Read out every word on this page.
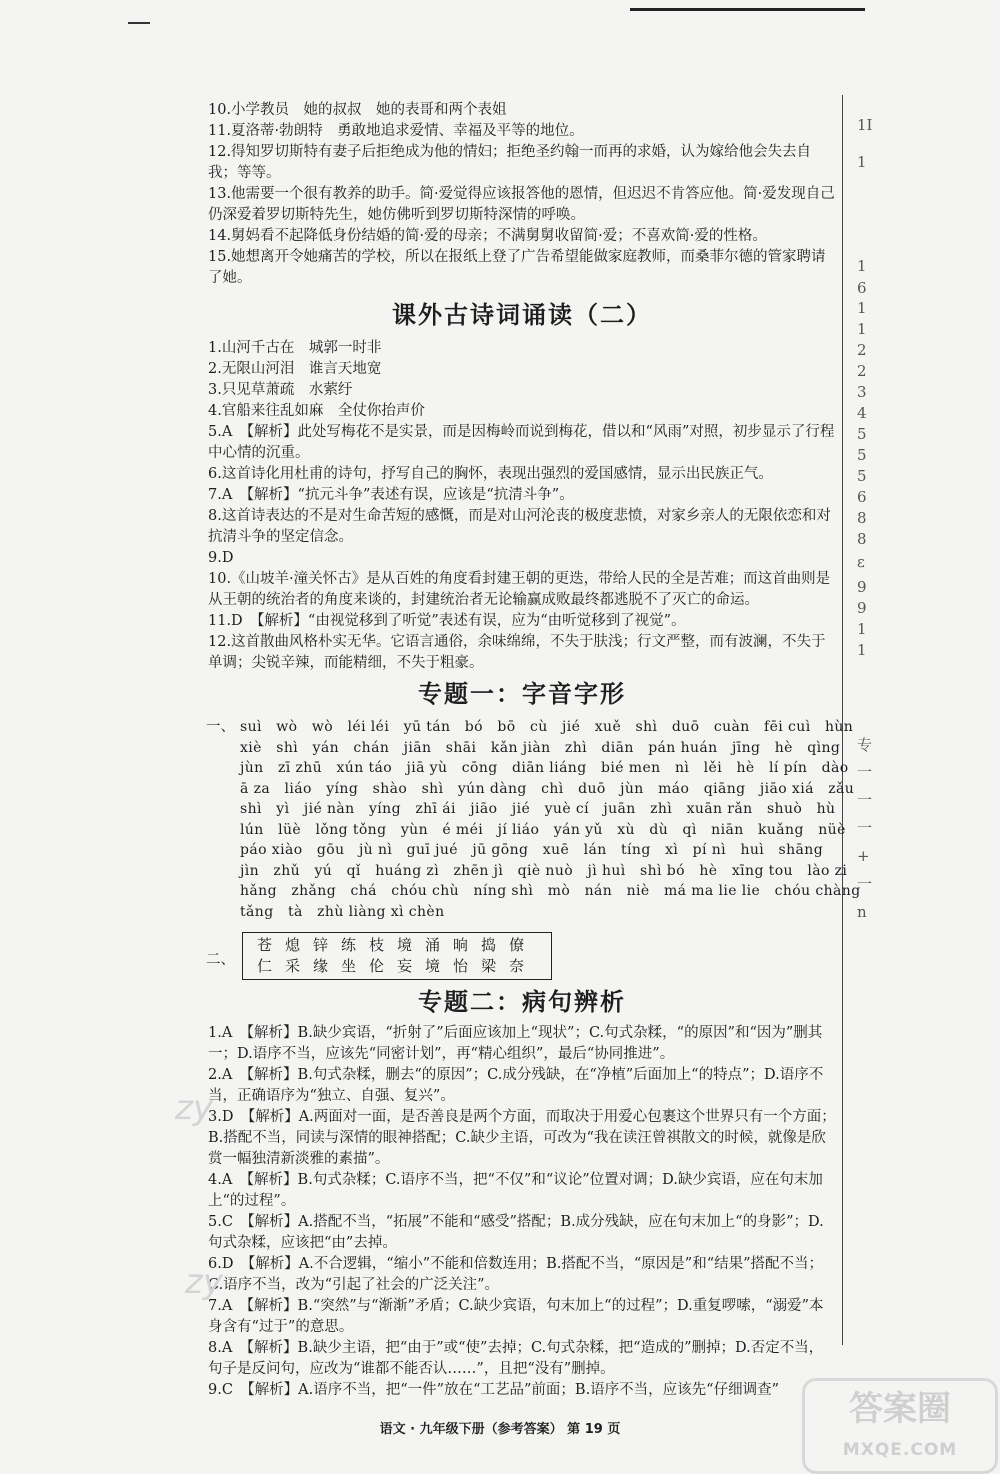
1I
1
1
6
1
1
2
2
3
4
5
5
5
6
8
8
ε
9
9
1
1
专
一
一
一
+
一
n

10.小学教员　她的叔叔　她的表哥和两个表姐

11.夏洛蒂·勃朗特　勇敢地追求爱情、幸福及平等的地位。

12.得知罗切斯特有妻子后拒绝成为他的情妇；拒绝圣约翰一而再的求婚，认为嫁给他会失去自我；等等。

13.他需要一个很有教养的助手。简·爱觉得应该报答他的恩情，但迟迟不肯答应他。简·爱发现自己仍深爱着罗切斯特先生，她仿佛听到罗切斯特深情的呼唤。

14.舅妈看不起降低身份结婚的简·爱的母亲；不满舅舅收留简·爱；不喜欢简·爱的性格。

15.她想离开令她痛苦的学校，所以在报纸上登了广告希望能做家庭教师，而桑菲尔德的管家聘请了她。

课外古诗词诵读（二）

1.山河千古在　城郭一时非

2.无限山河泪　谁言天地宽

3.只见草萧疏　水萦纡

4.官船来往乱如麻　全仗你抬声价

5.A　【解析】此处写梅花不是实景，而是因梅岭而说到梅花，借以和“风雨”对照，初步显示了行程中心情的沉重。

6.这首诗化用杜甫的诗句，抒写自己的胸怀，表现出强烈的爱国感情，显示出民族正气。

7.A　【解析】“抗元斗争”表述有误，应该是“抗清斗争”。

8.这首诗表达的不是对生命苦短的感慨，而是对山河沦丧的极度悲愤，对家乡亲人的无限依恋和对抗清斗争的坚定信念。

9.D

10.《山坡羊·潼关怀古》是从百姓的角度看封建王朝的更迭，带给人民的全是苦难；而这首曲则是从王朝的统治者的角度来谈的，封建统治者无论输赢成败最终都逃脱不了灭亡的命运。

11.D　【解析】“由视觉移到了听觉”表述有误，应为“由听觉移到了视觉”。

12.这首散曲风格朴实无华。它语言通俗，余味绵绵，不失于肤浅；行文严整，而有波澜，不失于单调；尖锐辛辣，而能精细，不失于粗豪。

专题一：字音字形
一、 suì　wò　wò　léi léi　yū tán　bó　bō　cù　jié　xuě　shì　duō　cuàn　fēi cuì　hùn

xiè　shì　yán　chán　jiān　shāi　kǎn jiàn　zhì　diān　pán huán　jīng　hè　qìng

jùn　zī zhū　xún táo　jiā yù　cōng　diān liáng　bié men　nì　lěi　hè　lí pín　dào

ā za　liáo　yíng　shào　shì　yún dàng　chì　duō　jùn　máo　qiāng　jiāo xiá　zǎu

shì　yì　jié nàn　yíng　zhī ái　jiāo　jié　yuè cí　juān　zhì　xuān rǎn　shuò　hù

lún　lüè　lǒng tǒng　yùn　é méi　jí liáo　yán yǔ　xù　dù　qì　niān　kuǎng　nüè

páo xiào　gōu　jù nì　guī jué　jū gōng　xuē　lán　tíng　xì　pí nì　huì　shāng

jìn　zhǔ　yú　qǐ　huáng zì　zhēn jì　qiè nuò　jì huì　shì bó　hè　xīng tou　lào zi

hǎng　zhǎng　chá　chóu chù　níng shì　mò　nán　niè　má ma lie lie　chóu chàng

tǎng　tà　zhù liàng xì chèn

二、
苍熄锌练枝境涌晌捣僚
仁采缘坐伦妄境怡梁奈
专题二：病句辨析

1.A　【解析】B.缺少宾语，“折射了”后面应该加上“现状”；C.句式杂糅，“的原因”和“因为”删其一；D.语序不当，应该先“同密计划”，再“精心组织”，最后“协同推进”。

2.A　【解析】B.句式杂糅，删去“的原因”；C.成分残缺，在“净植”后面加上“的特点”；D.语序不当，正确语序为“独立、自强、复兴”。

3.D　【解析】A.两面对一面，是否善良是两个方面，而取决于用爱心包裹这个世界只有一个方面；B.搭配不当，同读与深情的眼神搭配；C.缺少主语，可改为“我在读汪曾祺散文的时候，就像是欣赏一幅独清新淡雅的素描”。

4.A　【解析】B.句式杂糅；C.语序不当，把“不仅”和“议论”位置对调；D.缺少宾语，应在句末加上“的过程”。

5.C　【解析】A.搭配不当，“拓展”不能和“感受”搭配；B.成分残缺，应在句末加上“的身影”；D.句式杂糅，应该把“由”去掉。

6.D　【解析】A.不合逻辑，“缩小”不能和倍数连用；B.搭配不当，“原因是”和“结果”搭配不当；C.语序不当，改为“引起了社会的广泛关注”。

7.A　【解析】B.“突然”与“渐渐”矛盾；C.缺少宾语，句末加上“的过程”；D.重复啰嗦，“溺爱”本身含有“过于”的意思。

8.A　【解析】B.缺少主语，把“由于”或“使”去掉；C.句式杂糅，把“造成的”删掉；D.否定不当，句子是反问句，应改为“谁都不能否认……”，且把“没有”删掉。

9.C　【解析】A.语序不当，把“一件”放在“工艺品”前面；B.语序不当，应该先“仔细调查”

zy
zy
语文 · 九年级下册（参考答案） 第 19 页
答案圈
MXQE.COM
